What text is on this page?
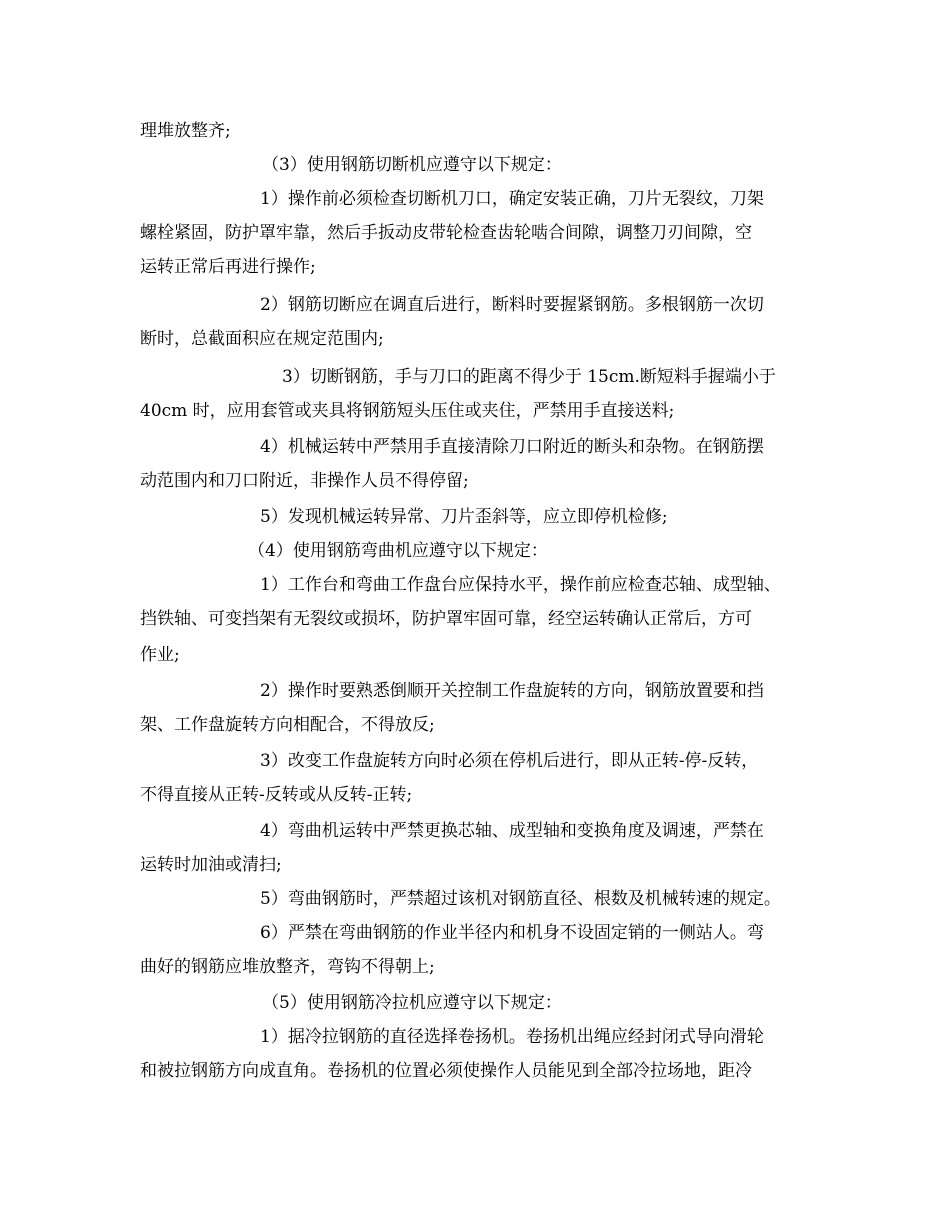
理堆放整齐;
（3）使用钢筋切断机应遵守以下规定：
1）操作前必须检查切断机刀口，确定安装正确，刀片无裂纹，刀架
螺栓紧固，防护罩牢靠，然后手扳动皮带轮检查齿轮啮合间隙，调整刀刃间隙，空
运转正常后再进行操作;
2）钢筋切断应在调直后进行，断料时要握紧钢筋。多根钢筋一次切
断时，总截面积应在规定范围内;
3）切断钢筋，手与刀口的距离不得少于 15cm.断短料手握端小于
40cm 时，应用套管或夹具将钢筋短头压住或夹住，严禁用手直接送料;
4）机械运转中严禁用手直接清除刀口附近的断头和杂物。在钢筋摆
动范围内和刀口附近，非操作人员不得停留;
5）发现机械运转异常、刀片歪斜等，应立即停机检修;
（4）使用钢筋弯曲机应遵守以下规定：
1）工作台和弯曲工作盘台应保持水平，操作前应检查芯轴、成型轴、
挡铁轴、可变挡架有无裂纹或损坏，防护罩牢固可靠，经空运转确认正常后，方可
作业;
2）操作时要熟悉倒顺开关控制工作盘旋转的方向，钢筋放置要和挡
架、工作盘旋转方向相配合，不得放反;
3）改变工作盘旋转方向时必须在停机后进行，即从正转-停-反转，
不得直接从正转-反转或从反转-正转;
4）弯曲机运转中严禁更换芯轴、成型轴和变换角度及调速，严禁在
运转时加油或清扫;
5）弯曲钢筋时，严禁超过该机对钢筋直径、根数及机械转速的规定。
6）严禁在弯曲钢筋的作业半径内和机身不设固定销的一侧站人。弯
曲好的钢筋应堆放整齐，弯钩不得朝上;
（5）使用钢筋冷拉机应遵守以下规定：
1）据冷拉钢筋的直径选择卷扬机。卷扬机出绳应经封闭式导向滑轮
和被拉钢筋方向成直角。卷扬机的位置必须使操作人员能见到全部冷拉场地，距冷
